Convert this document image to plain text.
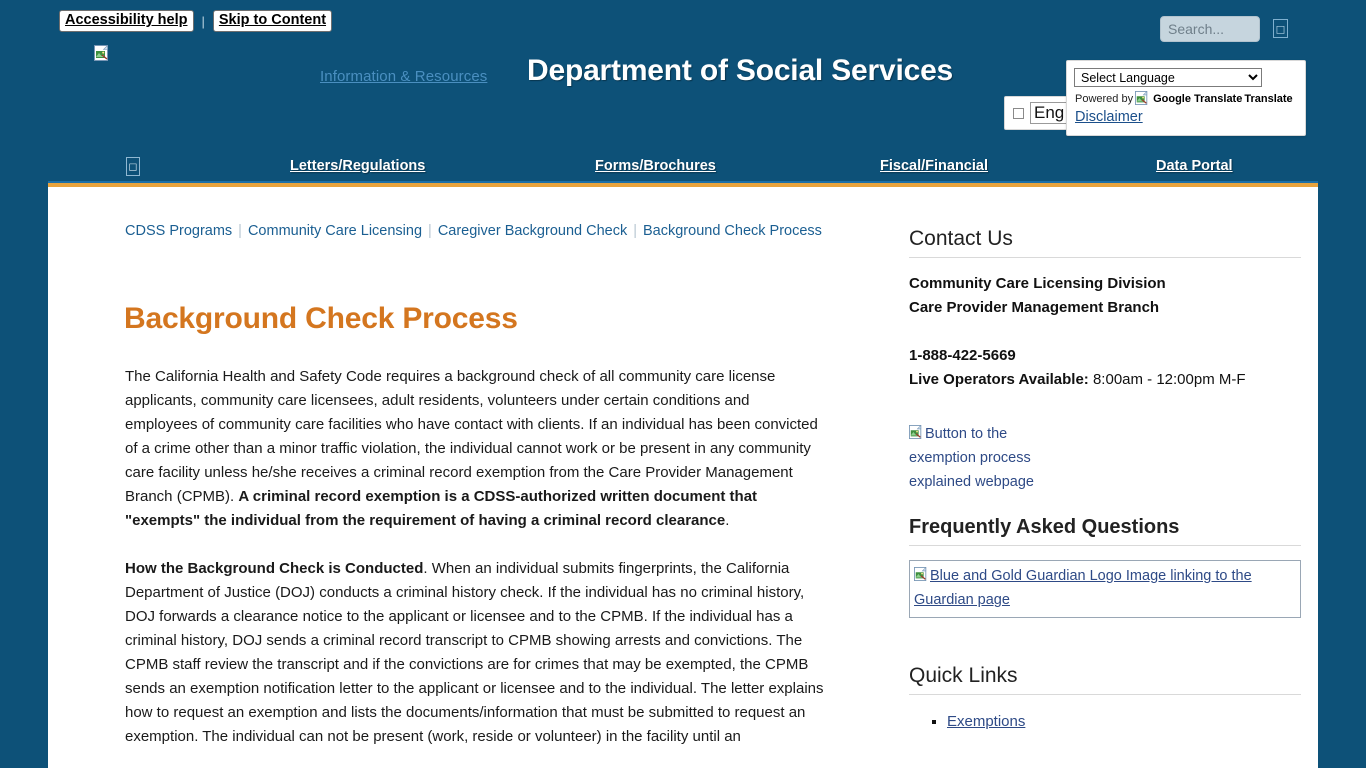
Accessibility help	| Skip to Content
Information & Resources Department of Social Services
Search...
◻
Eng
Select Language
Powered by Google Translate Translate
Disclaimer
◻	Letters/Regulations	Forms/Brochures	Fiscal/Financial	Data Portal
CDSS Programs | Community Care Licensing | Caregiver Background Check | Background Check Process
Background Check Process

The California Health and Safety Code requires a background check of all community care license applicants, community care licensees, adult residents, volunteers under certain conditions and employees of community care facilities who have contact with clients. If an individual has been convicted of a crime other than a minor traffic violation, the individual cannot work or be present in any community care facility unless he/she receives a criminal record exemption from the Care Provider Management Branch (CPMB). A criminal record exemption is a CDSS-authorized written document that "exempts" the individual from the requirement of having a criminal record clearance.

How the Background Check is Conducted. When an individual submits fingerprints, the California Department of Justice (DOJ) conducts a criminal history check. If the individual has no criminal history, DOJ forwards a clearance notice to the applicant or licensee and to the CPMB. If the individual has a criminal history, DOJ sends a criminal record transcript to CPMB showing arrests and convictions. The CPMB staff review the transcript and if the convictions are for crimes that may be exempted, the CPMB sends an exemption notification letter to the applicant or licensee and to the individual. The letter explains how to request an exemption and lists the documents/information that must be submitted to request an exemption. The individual can not be present (work, reside or volunteer) in the facility until an

Contact Us
Community Care Licensing Division
Care Provider Management Branch
1-888-422-5669
Live Operators Available: 8:00am - 12:00pm M-F
Button to the exemption process explained webpage
Frequently Asked Questions
Blue and Gold Guardian Logo Image linking to the Guardian page
Quick Links
▪ Exemptions
